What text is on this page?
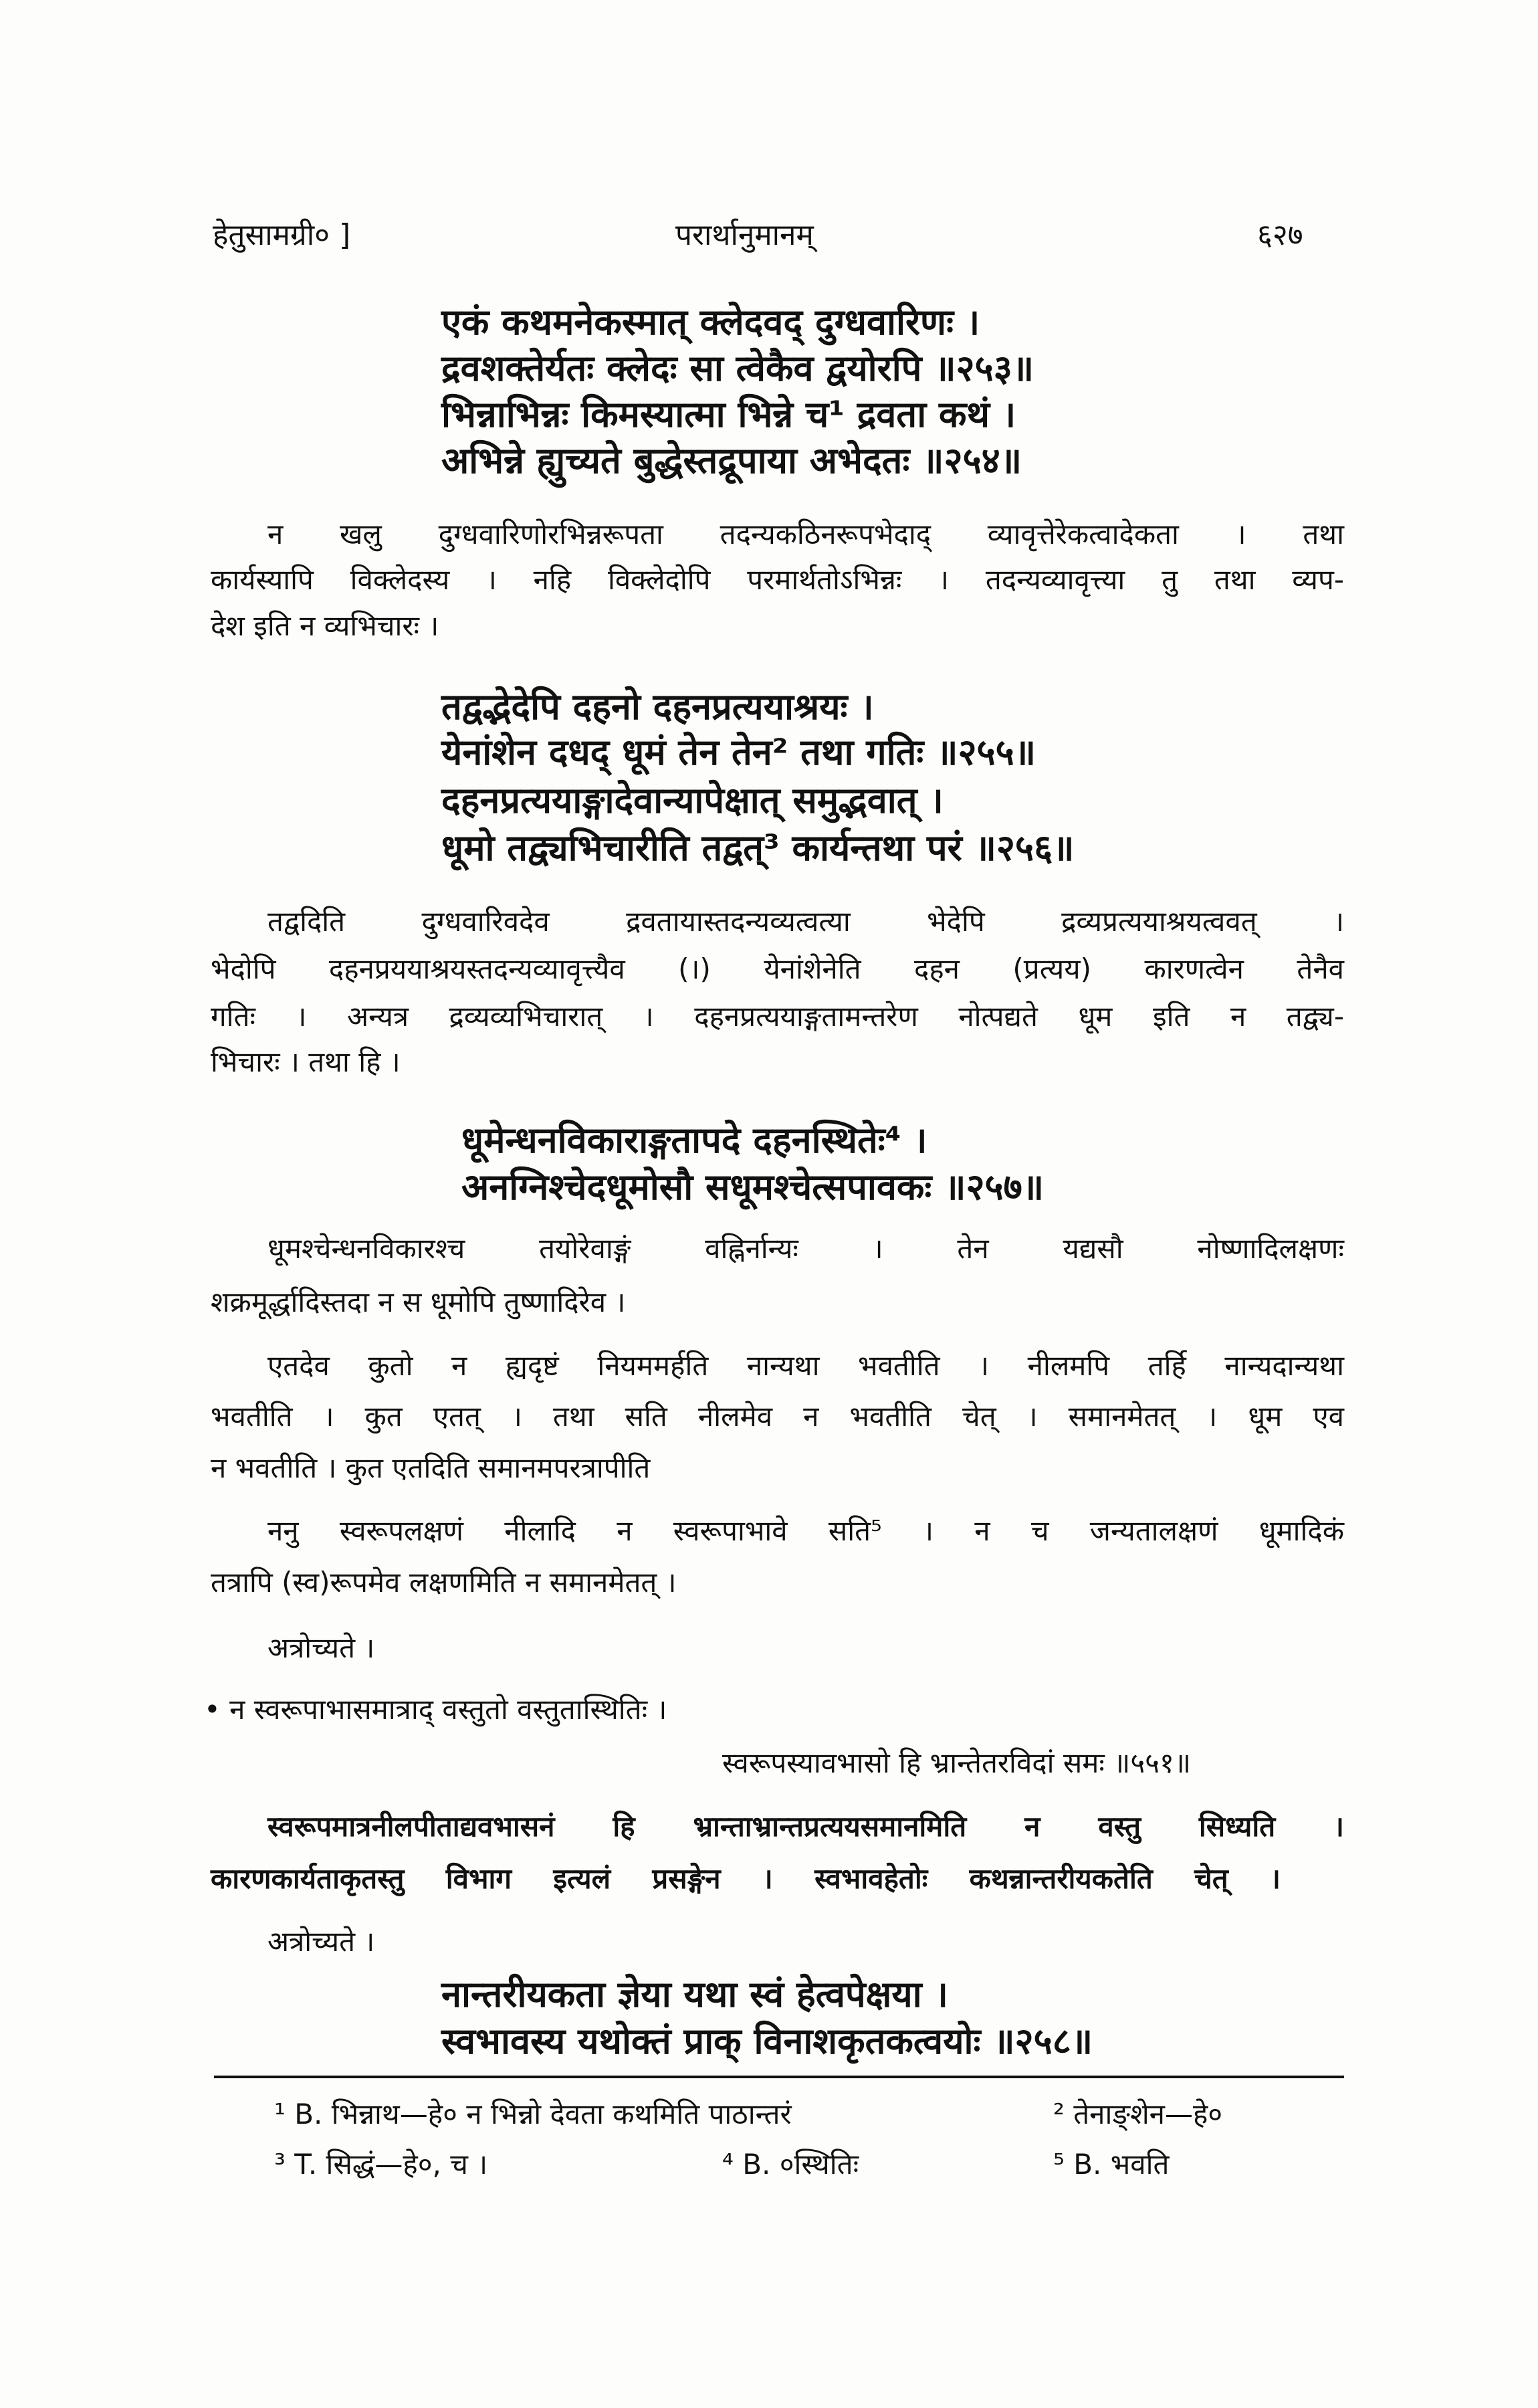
हेतुसामग्री० ]	परार्थानुमानम्	६२७
एकं कथमनेकस्मात् क्लेदवद् दुग्धवारिणः ।
द्रवशक्तेर्यतः क्लेदः सा त्वेकैव द्वयोरपि ॥२५३॥
भिन्नाभिन्नः किमस्यात्मा भिन्ने च¹ द्रवता कथं ।
अभिन्ने ह्युच्यते बुद्धेस्तद्रूपाया अभेदतः ॥२५४॥
न खलु दुग्धवारिणोरभिन्नरूपता तदन्यकठिनरूपभेदाद् व्यावृत्तेरेकत्वादेकता । तथा
कार्यस्यापि विक्लेदस्य । नहि विक्लेदोपि परमार्थतोऽभिन्नः । तदन्यव्यावृत्त्या तु तथा व्यप-
देश इति न व्यभिचारः ।
तद्वद्भेदेपि दहनो दहनप्रत्ययाश्रयः ।
येनांशेन दधद् धूमं तेन तेन² तथा गतिः ॥२५५॥
दहनप्रत्ययाङ्गादेवान्यापेक्षात् समुद्भवात् ।
धूमो तद्व्यभिचारीति तद्वत्³ कार्यन्तथा परं ॥२५६॥
तद्वदिति दुग्धवारिवदेव द्रवतायास्तदन्यव्यत्वत्या भेदेपि द्रव्यप्रत्ययाश्रयत्ववत् ।
भेदोपि दहनप्रययाश्रयस्तदन्यव्यावृत्त्यैव (।) येनांशेनेति दहन (प्रत्यय) कारणत्वेन तेनैव
गतिः । अन्यत्र द्रव्यव्यभिचारात् । दहनप्रत्ययाङ्गतामन्तरेण नोत्पद्यते धूम इति न तद्व्य-
भिचारः । तथा हि ।
धूमेन्धनविकाराङ्गतापदे दहनस्थितेः⁴ ।
अनग्निश्चेदधूमोसौ सधूमश्चेत्सपावकः ॥२५७॥
धूमश्चेन्धनविकारश्च तयोरेवाङ्गं वह्निर्नान्यः । तेन यद्यसौ नोष्णादिलक्षणः
शक्रमूर्द्धादिस्तदा न स धूमोपि तुष्णादिरेव ।
एतदेव कुतो न ह्यदृष्टं नियममर्हति नान्यथा भवतीति । नीलमपि तर्हि नान्यदान्यथा
भवतीति । कुत एतत् । तथा सति नीलमेव न भवतीति चेत् । समानमेतत् । धूम एव
न भवतीति । कुत एतदिति समानमपरत्रापीति
ननु स्वरूपलक्षणं नीलादि न स्वरूपाभावे सति⁵ । न च जन्यतालक्षणं धूमादिकं
तत्रापि (स्व)रूपमेव लक्षणमिति न समानमेतत् ।
अत्रोच्यते ।
• न स्वरूपाभासमात्राद् वस्तुतो वस्तुतास्थितिः ।
स्वरूपस्यावभासो हि भ्रान्तेतरविदां समः ॥५५१॥
स्वरूपमात्रनीलपीताद्यवभासनं हि भ्रान्ताभ्रान्तप्रत्ययसमानमिति न वस्तु सिध्यति ।
कारणकार्यताकृतस्तु विभाग इत्यलं प्रसङ्गेन । स्वभावहेतोः कथन्नान्तरीयकतेति चेत् ।
अत्रोच्यते ।
नान्तरीयकता ज्ञेया यथा स्वं हेत्वपेक्षया ।
स्वभावस्य यथोक्तं प्राक् विनाशकृतकत्वयोः ॥२५८॥
¹ B. भिन्नाथ—हे० न भिन्नो देवता कथमिति पाठान्तरं	² तेनाङ्शेन—हे०
³ T. सिद्धं—हे०, च ।	⁴ B. ०स्थितिः	⁵ B. भवति
